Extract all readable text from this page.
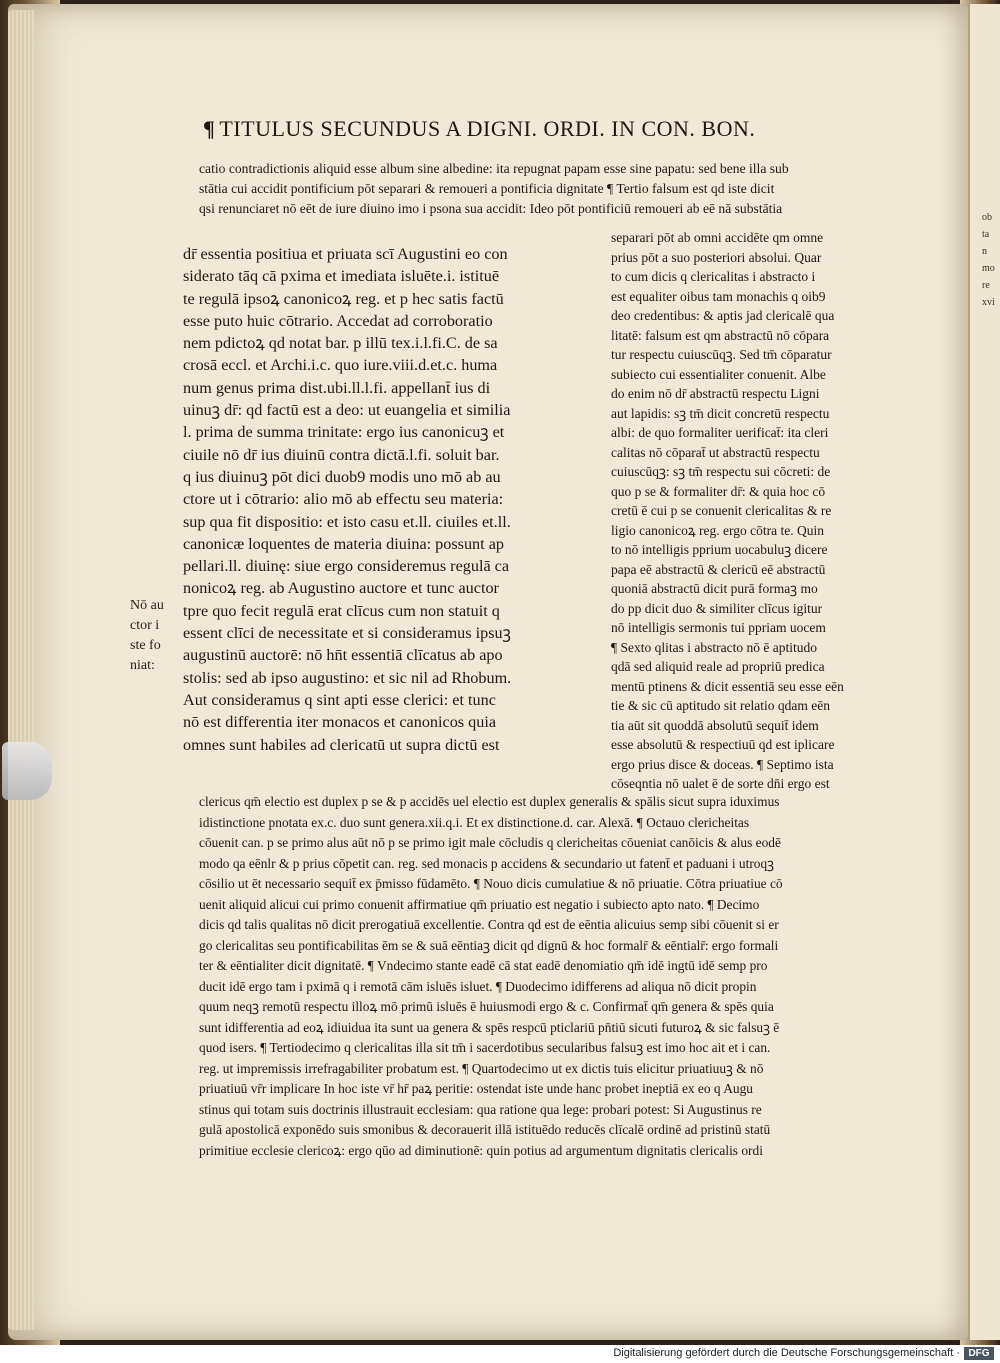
ob
ta
n
mo
re
xvi
¶ TITULUS SECUNDUS A DIGNI. ORDI. IN CON. BON.
catio contradictionis aliquid esse album sine albedine: ita repugnat papam esse sine papatu: sed bene illa sub
stātia cui accidit pontificium pōt separari & remoueri a pontificia dignitate ¶ Tertio falsum est qd iste dicit
qsi renunciaret nō eēt de iure diuino imo i psona sua accidit: Ideo pōt pontificiū remoueri ab eē nā substātia
dr̄ essentia positiua et priuata scī Augustini eo con
siderato tāq cā pxima et imediata isluēte.i. istituē
te regulā ipsoꝝ canonicoꝝ reg. et p hec satis factū
esse puto huic cōtrario. Accedat ad corroboratio
nem pdictoꝝ qd notat bar. p illū tex.i.l.fi.C. de sa
crosā eccl. et Archi.i.c. quo iure.viii.d.et.c. huma
num genus prima dist.ubi.ll.l.fi. appellant̄ ius di
uinuꝫ dr̄: qd factū est a deo: ut euangelia et similia
l. prima de summa trinitate: ergo ius canonicuꝫ et
ciuile nō dr̄ ius diuinū contra dictā.l.fi. soluit bar.
q ius diuinuꝫ pōt dici duob9 modis uno mō ab au
ctore ut i cōtrario: alio mō ab effectu seu materia:
sup qua fit dispositio: et isto casu et.ll. ciuiles et.ll.
canonicæ loquentes de materia diuina: possunt ap
pellari.ll. diuinę: siue ergo consideremus regulā ca
nonicoꝝ reg. ab Augustino auctore et tunc auctor
tpre quo fecit regulā erat clīcus cum non statuit q
essent clīci de necessitate et si consideramus ipsuꝫ
augustinū auctorē: nō hn̄t essentiā clīcatus ab apo
stolis: sed ab ipso augustino: et sic nil ad Rhobum.
Aut consideramus q sint apti esse clerici: et tunc
nō est differentia iter monacos et canonicos quia
omnes sunt habiles ad clericatū ut supra dictū est
separari pōt ab omni accidēte qm omne
prius pōt a suo posteriori absolui. Quar
to cum dicis q clericalitas i abstracto i
est equaliter oibus tam monachis q oib9
deo credentibus: & aptis jad clericalē qua
litatē: falsum est qm abstractū nō cōpara
tur respectu cuiuscūqꝫ. Sed tm̄ cōparatur
subiecto cui essentialiter conuenit. Albe
do enim nō dr̄ abstractū respectu Ligni
aut lapidis: sꝫ tm̄ dicit concretū respectu
albi: de quo formaliter uerificat̄: ita cleri
calitas nō cōparat̄ ut abstractū respectu
cuiuscūqꝫ: sꝫ tm̄ respectu sui cōcreti: de
quo p se & formaliter dr̄: & quia hoc cō
cretū ē cui p se conuenit clericalitas & re
ligio canonicoꝝ reg. ergo cōtra te. Quin
to nō intelligis pprium uocabuluꝫ dicere
papa eē abstractū & clericū eē abstractū
quoniā abstractū dicit purā formaꝫ mo
do pp dicit duo & similiter clīcus igitur
nō intelligis sermonis tui ppriam uocem
¶ Sexto qlitas i abstracto nō ē aptitudo
qdā sed aliquid reale ad propriū predica
mentū ptinens & dicit essentiā seu esse eēn
tie & sic cū aptitudo sit relatio qdam eēn
tia aūt sit quoddā absolutū sequit̄ idem
esse absolutū & respectiuū qd est iplicare
ergo prius disce & doceas. ¶ Septimo ista
cōseqntia nō ualet ē de sorte dn̄i ergo est
clericus qm̄ electio est duplex p se & p accidēs uel electio est duplex generalis & spālis sicut supra iduximus
idistinctione pnotata ex.c. duo sunt genera.xii.q.i. Et ex distinctione.d. car. Alexā. ¶ Octauo clericheitas
cōuenit can. p se primo alus aūt nō p se primo igit male cōcludis q clericheitas cōueniat canōicis & alus eodē
modo qa eēnlr & p prius cōpetit can. reg. sed monacis p accidens & secundario ut fatent̄ et paduani i utroqꝫ
cōsilio ut ēt necessario sequit̄ ex p̄misso fūdamēto. ¶ Nouo dicis cumulatiue & nō priuatie. Cōtra priuatiue cō
uenit aliquid alicui cui primo conuenit affirmatiue qm̄ priuatio est negatio i subiecto apto nato. ¶ Decimo
dicis qd talis qualitas nō dicit prerogatiuā excellentie. Contra qd est de eēntia alicuius semp sibi cōuenit si er
go clericalitas seu pontificabilitas ēm se & suā eēntiaꝫ dicit qd dignū & hoc formalr̄ & eēntialr̄: ergo formali
ter & eēntialiter dicit dignitatē. ¶ Vndecimo stante eadē cā stat eadē denomiatio qm̄ idē ingtū idē semp pro
ducit idē ergo tam i pximā q i remotā cām isluēs isluet. ¶ Duodecimo idifferens ad aliqua nō dicit propin
quum neqꝫ remotū respectu illoꝝ mō primū isluēs ē huiusmodi ergo & c. Confirmat̄ qm̄ genera & spēs quia
sunt idifferentia ad eoꝝ idiuidua ita sunt ua genera & spēs respcū pticlariū pn̄tiū sicuti futuroꝝ & sic falsuꝫ ē
quod isers. ¶ Tertiodecimo q clericalitas illa sit tm̄ i sacerdotibus secularibus falsuꝫ est imo hoc ait et i can.
reg. ut impremissis irrefragabiliter probatum est. ¶ Quartodecimo ut ex dictis tuis elicitur priuatiuuꝫ & nō
priuatiuū vr̄r implicare In hoc iste vr̄ hr̄ paꝝ peritie: ostendat iste unde hanc probet ineptiā ex eo q Augu
stinus qui totam suis doctrinis illustrauit ecclesiam: qua ratione qua lege: probari potest: Si Augustinus re
gulā apostolicā exponēdo suis smonibus & decorauerit illā istituēdo reducēs clīcalē ordinē ad pristinū statū
primitiue ecclesie clericoꝝ: ergo qūo ad diminutionē: quin potius ad argumentum dignitatis clericalis ordi
Nō au
ctor i
ste fo
niat:
Digitalisierung gefördert durch die Deutsche Forschungsgemeinschaft · DFG
